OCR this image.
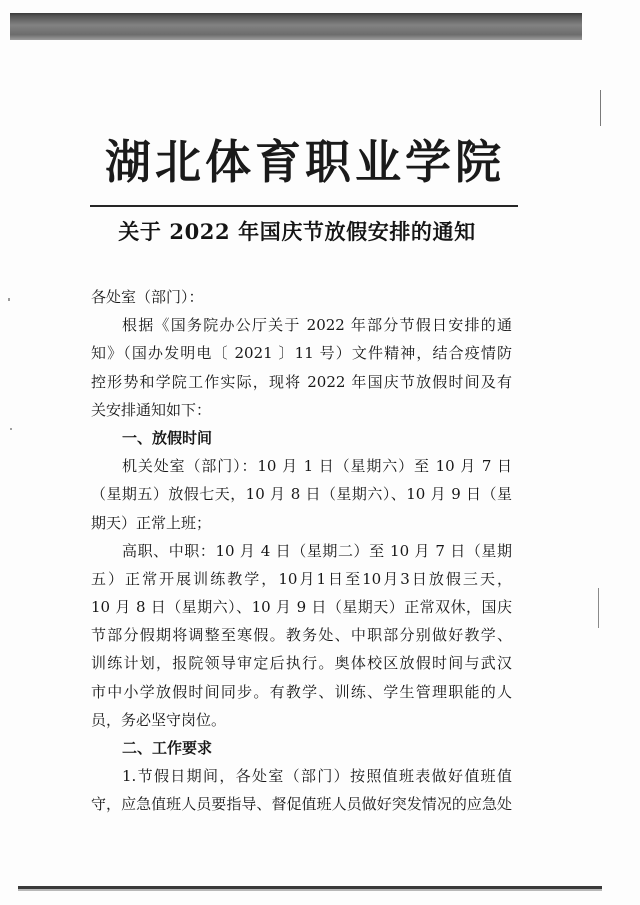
湖北体育职业学院
关于 2022 年国庆节放假安排的通知
各处室（部门）：
根据《国务院办公厅关于 2022 年部分节假日安排的通
知》（国办发明电〔 2021 〕11 号）文件精神，结合疫情防
控形势和学院工作实际，现将 2022 年国庆节放假时间及有
关安排通知如下：
一、放假时间
机关处室（部门）：10 月 1 日（星期六）至 10 月 7 日
（星期五）放假七天，10 月 8 日（星期六）、10 月 9 日（星
期天）正常上班；
高职、中职：10 月 4 日（星期二）至 10 月 7 日（星期
五）正常开展训练教学，10月1日至10月3日放假三天，
10 月 8 日（星期六）、10 月 9 日（星期天）正常双休，国庆
节部分假期将调整至寒假。教务处、中职部分别做好教学、
训练计划，报院领导审定后执行。奥体校区放假时间与武汉
市中小学放假时间同步。有教学、训练、学生管理职能的人
员，务必坚守岗位。
二、工作要求
1.节假日期间，各处室（部门）按照值班表做好值班值
守，应急值班人员要指导、督促值班人员做好突发情况的应急处
